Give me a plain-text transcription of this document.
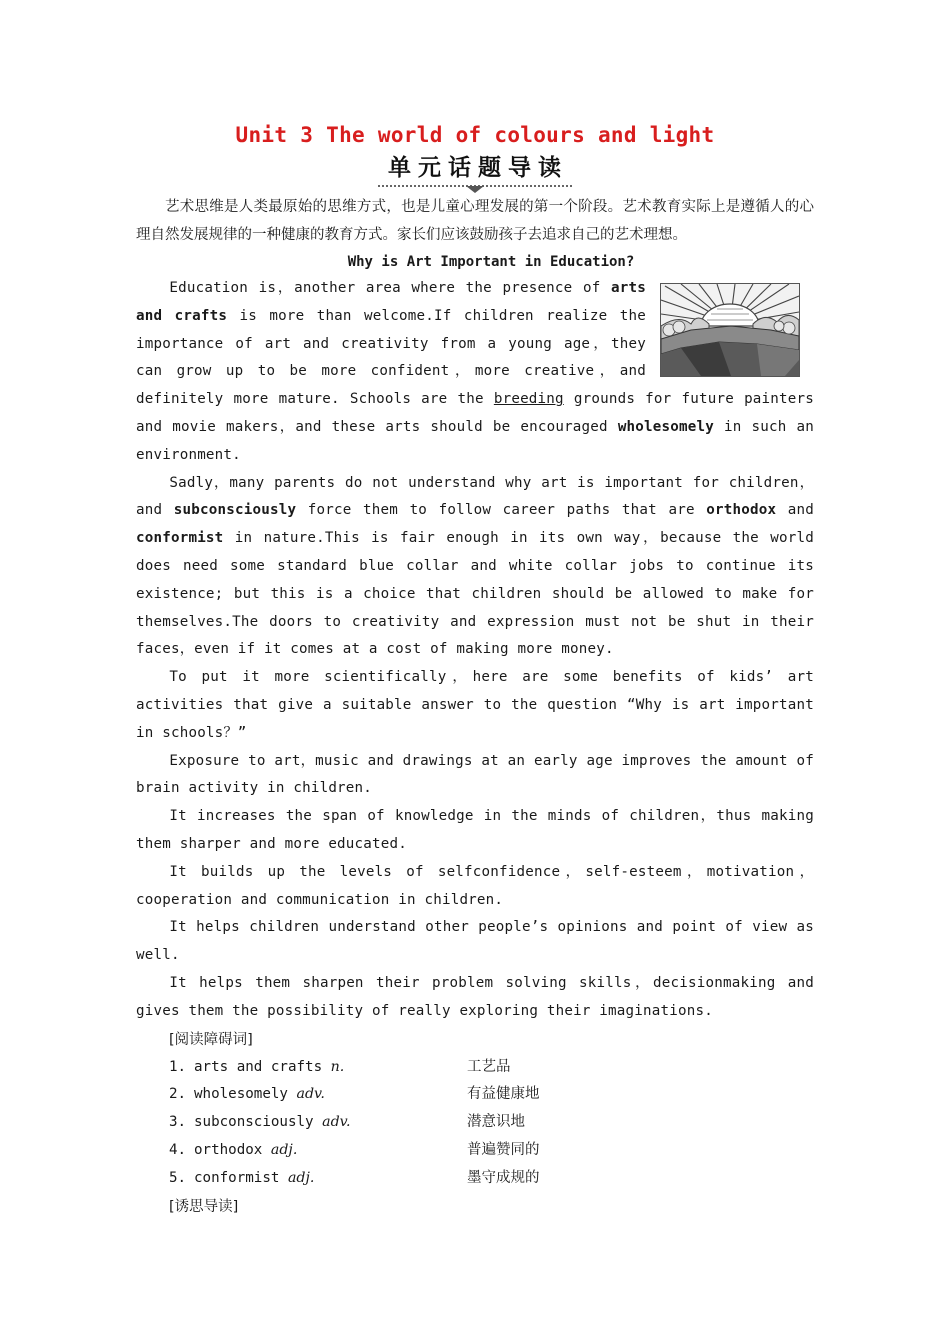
Unit 3 The world of colours and light
单元话题导读

艺术思维是人类最原始的思维方式，也是儿童心理发展的第一个阶段。艺术教育实际上是遵循人的心理自然发展规律的一种健康的教育方式。家长们应该鼓励孩子去追求自己的艺术理想。

Why is Art Important in Education?

Education is，another area where the presence of arts and crafts is more than welcome.If children realize the importance of art and creativity from a young age，they can grow up to be more confident，more creative，and definitely more mature. Schools are the breeding grounds for future painters and movie makers，and these arts should be encouraged wholesomely in such an environment.

Sadly，many parents do not understand why art is important for children，and subconsciously force them to follow career paths that are orthodox and conformist in nature.This is fair enough in its own way，because the world does need some standard blue collar and white collar jobs to continue its existence; but this is a choice that children should be allowed to make for themselves.The doors to creativity and expression must not be shut in their faces，even if it comes at a cost of making more money.

To put it more scientifically，here are some benefits of kids’ art activities that give a suitable answer to the question “Why is art important in schools？”

Exposure to art，music and drawings at an early age improves the amount of brain activity in children.

It increases the span of knowledge in the minds of children，thus making them sharper and more educated.

It builds up the levels of selfconfidence，self-esteem，motivation，cooperation and communication in children.

It helps children understand other people’s opinions and point of view as well.

It helps them sharpen their problem solving skills，decisionmaking and gives them the possibility of really exploring their imaginations.

[阅读障碍词]

1. arts and crafts n.	工艺品
2. wholesomely adv.	有益健康地
3. subconsciously adv.	潜意识地
4. orthodox adj.	普遍赞同的
5. conformist adj.	墨守成规的

[诱思导读]
